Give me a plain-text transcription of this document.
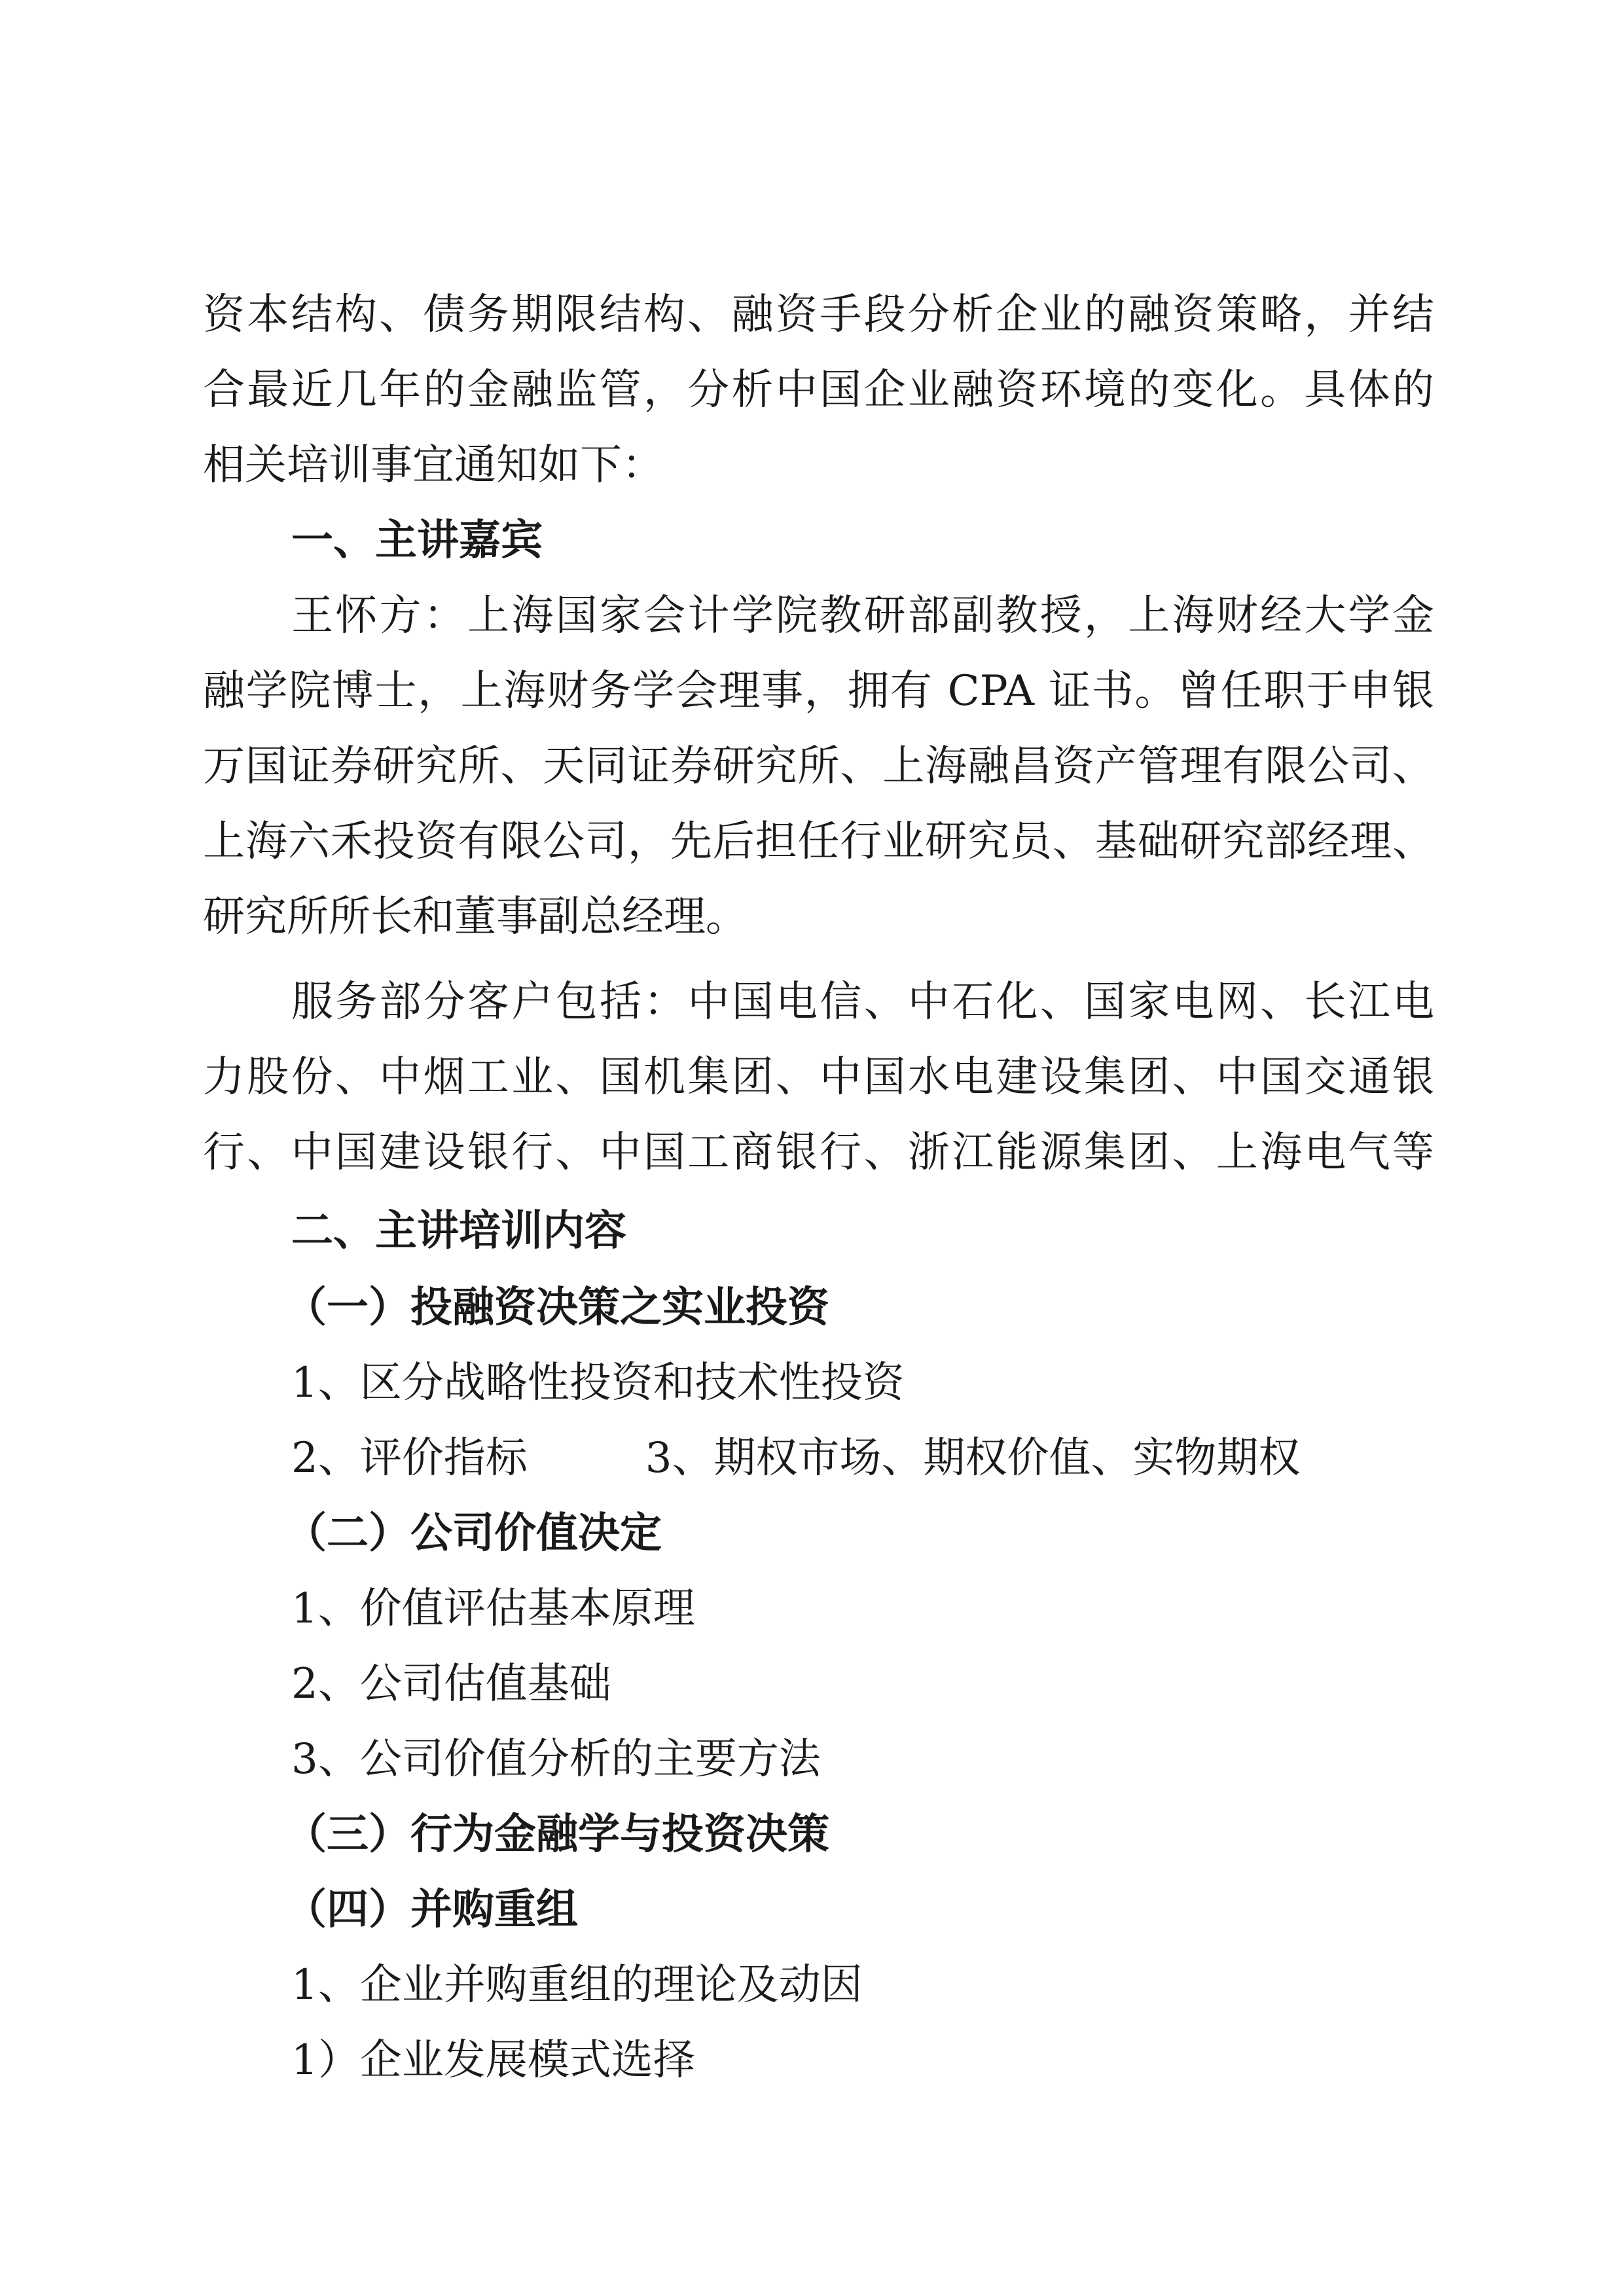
资本结构、债务期限结构、融资手段分析企业的融资策略，并结

合最近几年的金融监管，分析中国企业融资环境的变化。具体的

相关培训事宜通知如下：

一、主讲嘉宾

王怀方：上海国家会计学院教研部副教授，上海财经大学金

融学院博士，上海财务学会理事，拥有 CPA 证书。曾任职于申银

万国证券研究所、天同证券研究所、上海融昌资产管理有限公司、

上海六禾投资有限公司，先后担任行业研究员、基础研究部经理、

研究所所长和董事副总经理。

服务部分客户包括：中国电信、中石化、国家电网、长江电

力股份、中烟工业、国机集团、中国水电建设集团、中国交通银

行、中国建设银行、中国工商银行、浙江能源集团、上海电气等

二、主讲培训内容

（一）投融资决策之实业投资

1、区分战略性投资和技术性投资

2、评价指标	3、期权市场、期权价值、实物期权

（二）公司价值决定

1、价值评估基本原理

2、公司估值基础

3、公司价值分析的主要方法

（三）行为金融学与投资决策

（四）并购重组

1、企业并购重组的理论及动因

1）企业发展模式选择
